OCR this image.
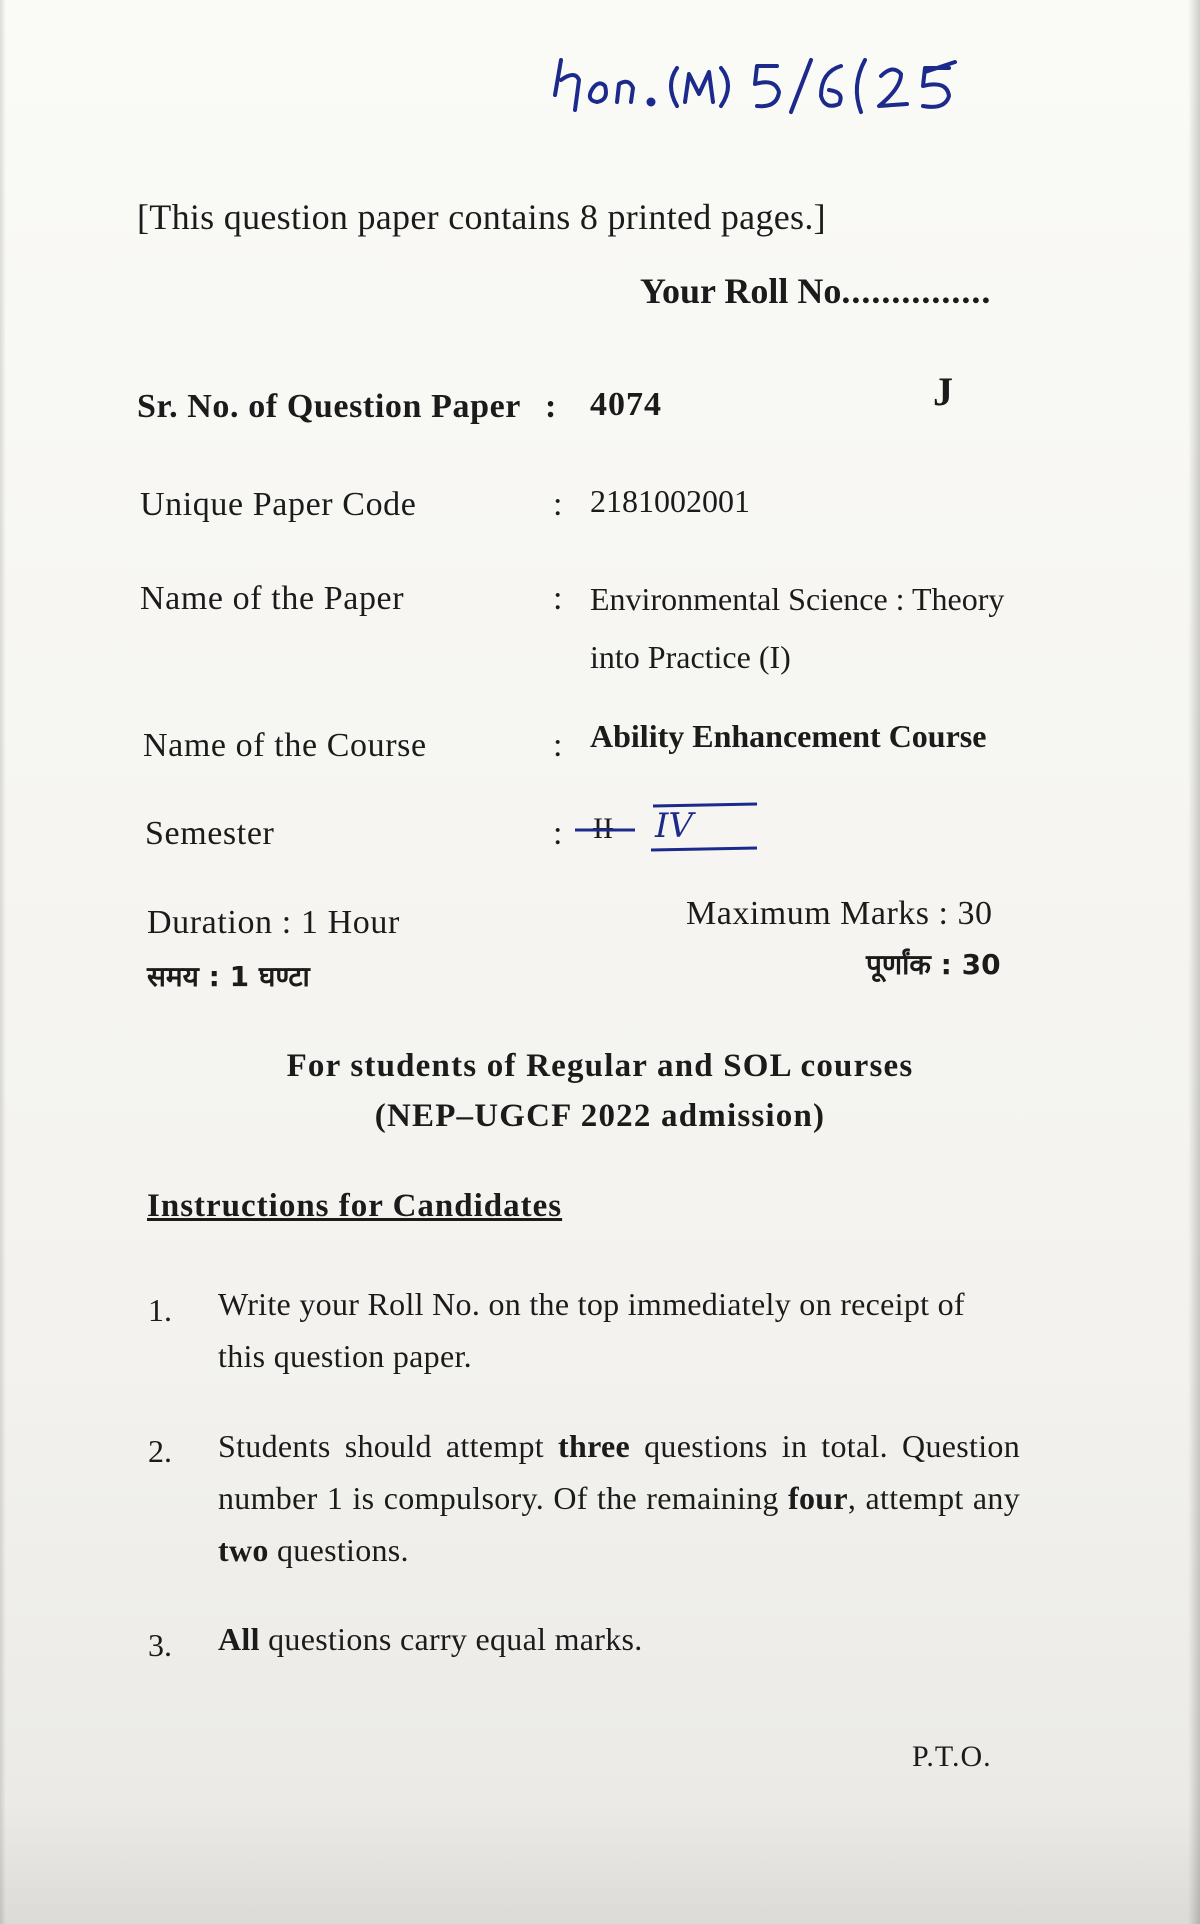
[This question paper contains 8 printed pages.]
Your Roll No...............
J
Sr. No. of Question Paper : 4074
Unique Paper Code	: 2181002001
Name of the Paper	: Environmental Science : Theory into Practice (I)
Name of the Course	: Ability Enhancement Course
Semester	: II IV
Duration : 1 Hour	Maximum Marks : 30
समय : 1 घण्टा	पूर्णांक : 30
For students of Regular and SOL courses
(NEP–UGCF 2022 admission)
Instructions for Candidates
1. Write your Roll No. on the top immediately on receipt of this question paper.
2. Students should attempt three questions in total. Question number 1 is compulsory. Of the remaining four, attempt any two questions.
3. All questions carry equal marks.
P.T.O.
